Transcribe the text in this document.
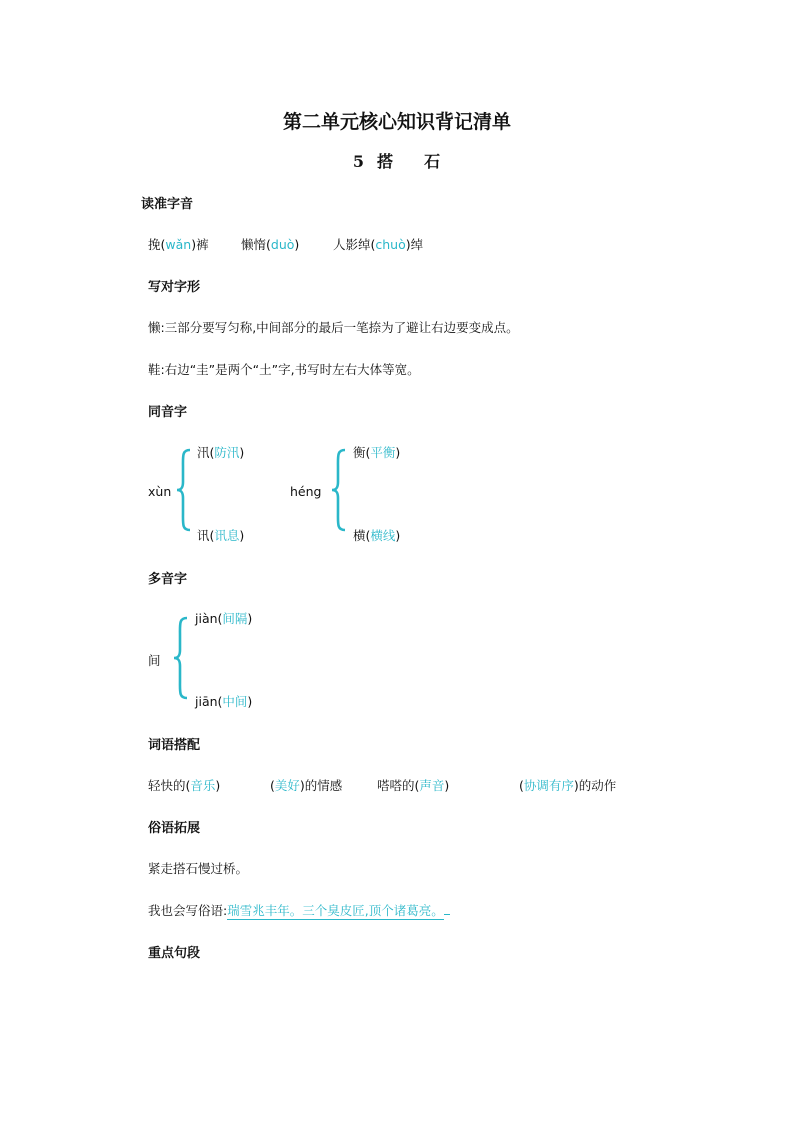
第二单元核心知识背记清单
5 搭 石
读准字音
挽(wǎn)裤	懒惰(duò)	人影绰(chuò)绰
写对字形
懒:三部分要写匀称,中间部分的最后一笔捺为了避让右边要变成点。
鞋:右边“圭”是两个“土”字,书写时左右大体等宽。
同音字
xùn
汛(防汛)
讯(讯息)
héng
衡(平衡)
横(横线)
多音字
间
jiàn(间隔)
jiān(中间)
词语搭配
轻快的(音乐)	(美好)的情感	嗒嗒的(声音)	(协调有序)的动作
俗语拓展
紧走搭石慢过桥。
我也会写俗语:瑞雪兆丰年。三个臭皮匠,顶个诸葛亮。
重点句段
